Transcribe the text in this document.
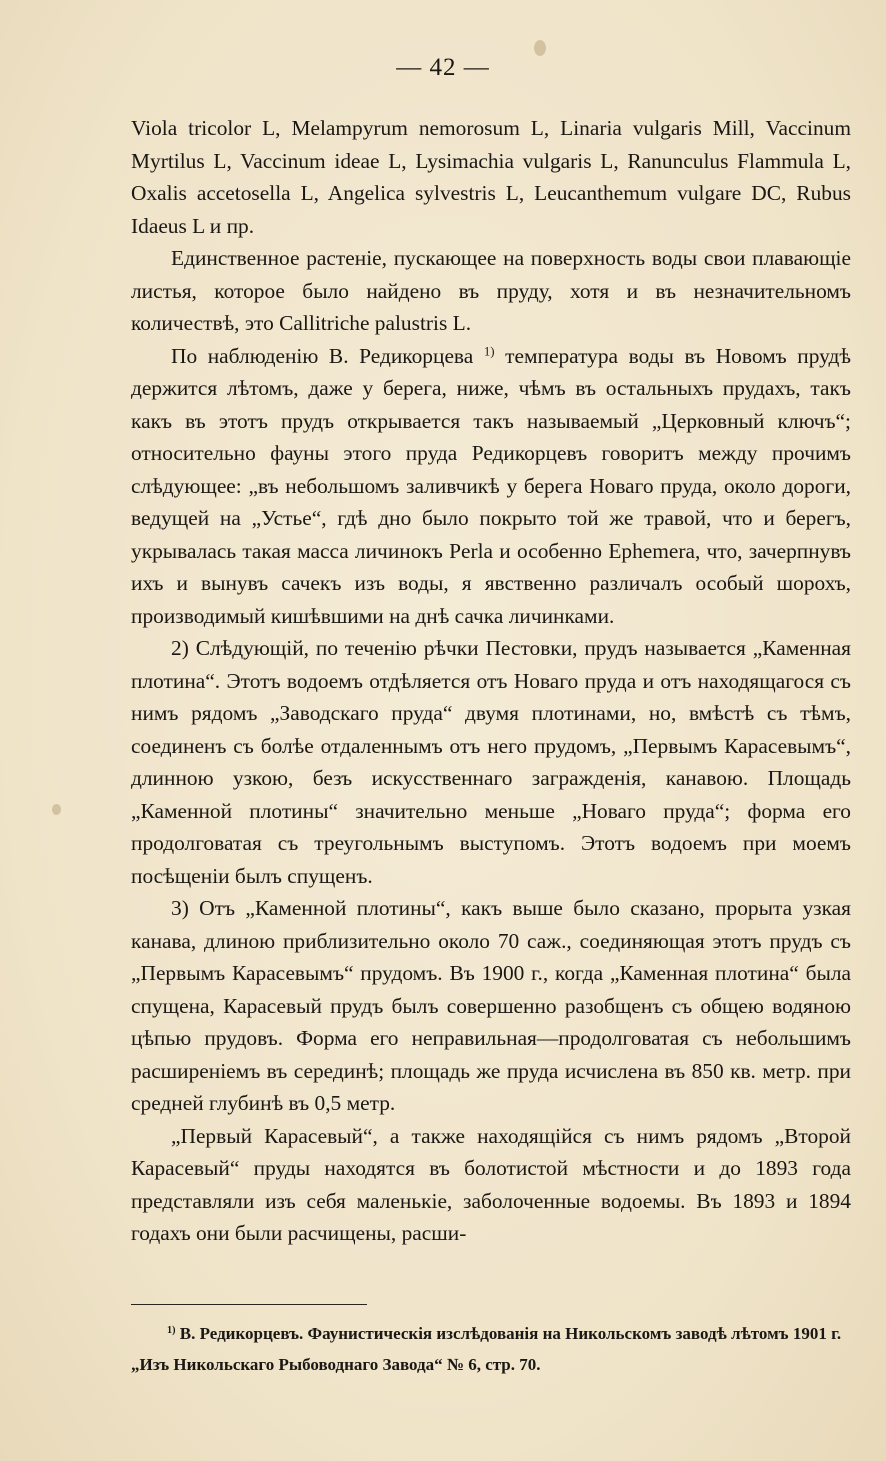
— 42 —

Viola tricolor L, Melampyrum nemorosum L, Linaria vulgaris Mill, Vaccinum Myrtilus L, Vaccinum ideae L, Lysimachia vulgaris L, Ranunculus Flammula L, Oxalis accetosella L, Angelica sylvestris L, Leucanthemum vulgare DC, Rubus Idaeus L и пр.

Единственное растеніе, пускающее на поверхность воды свои плавающіе листья, которое было найдено въ пруду, хотя и въ незначительномъ количествѣ, это Callitriche palustris L.

По наблюденію В. Редикорцева $^{1)}$ температура воды въ Новомъ прудѣ держится лѣтомъ, даже у берега, ниже, чѣмъ въ остальныхъ прудахъ, такъ какъ въ этотъ прудъ открывается такъ называемый „Церковный ключъ“; относительно фауны этого пруда Редикорцевъ говоритъ между прочимъ слѣдующее: „въ небольшомъ заливчикѣ у берега Новаго пруда, около дороги, ведущей на „Устье“, гдѣ дно было покрыто той же травой, что и берегъ, укрывалась такая масса личинокъ Perla и особенно Ephemera, что, зачерпнувъ ихъ и вынувъ сачекъ изъ воды, я явственно различалъ особый шорохъ, производимый кишѣвшими на днѣ сачка личинками.

2) Слѣдующій, по теченію рѣчки Пестовки, прудъ называется „Каменная плотина“. Этотъ водоемъ отдѣляется отъ Новаго пруда и отъ находящагося съ нимъ рядомъ „Заводскаго пруда“ двумя плотинами, но, вмѣстѣ съ тѣмъ, соединенъ съ болѣе отдаленнымъ отъ него прудомъ, „Первымъ Карасевымъ“, длинною узкою, безъ искусственнаго загражденія, канавою. Площадь „Каменной плотины“ значительно меньше „Новаго пруда“; форма его продолговатая съ треугольнымъ выступомъ. Этотъ водоемъ при моемъ посѣщеніи былъ спущенъ.

3) Отъ „Каменной плотины“, какъ выше было сказано, прорыта узкая канава, длиною приблизительно около 70 саж., соединяющая этотъ прудъ съ „Первымъ Карасевымъ“ прудомъ. Въ 1900 г., когда „Каменная плотина“ была спущена, Карасевый прудъ былъ совершенно разобщенъ съ общею водяною цѣпью прудовъ. Форма его неправильная—продолговатая съ небольшимъ расширеніемъ въ серединѣ; площадь же пруда исчислена въ 850 кв. метр. при средней глубинѣ въ 0,5 метр.

„Первый Карасевый“, а также находящійся съ нимъ рядомъ „Второй Карасевый“ пруды находятся въ болотистой мѣстности и до 1893 года представляли изъ себя маленькіе, заболоченные водоемы. Въ 1893 и 1894 годахъ они были расчищены, расши-

$^{1)}$ В. Редикорцевъ. Фаунистическія изслѣдованія на Никольскомъ заводѣ лѣтомъ 1901 г. „Изъ Никольскаго Рыбоводнаго Завода“ № 6, стр. 70.
